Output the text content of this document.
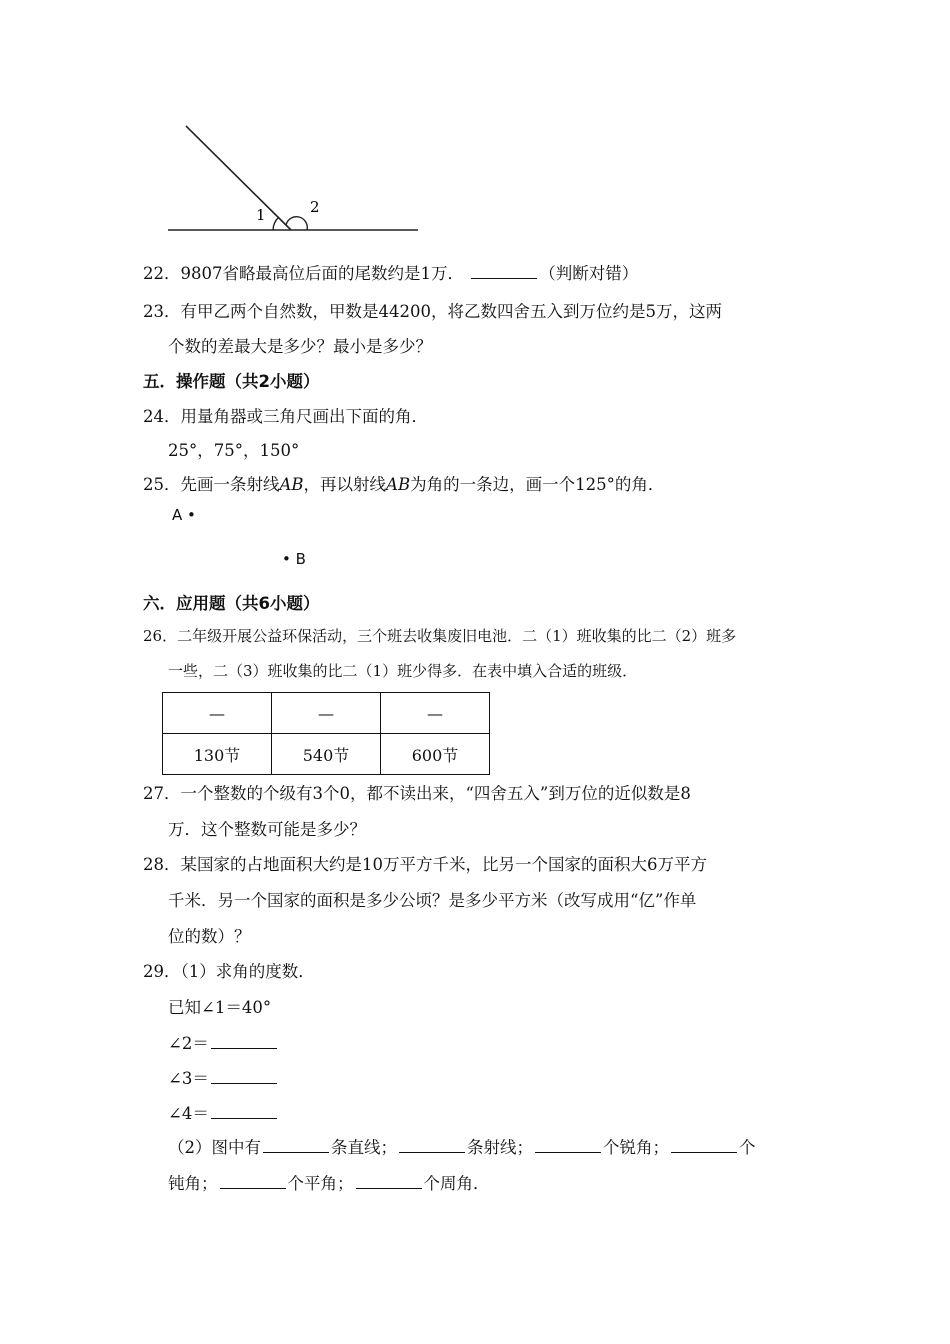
1	2
22．9807省略最高位后面的尾数约是1万．	（判断对错）
23．有甲乙两个自然数，甲数是44200，将乙数四舍五入到万位约是5万，这两
个数的差最大是多少？最小是多少？
五．操作题（共2小题）
24．用量角器或三角尺画出下面的角．
25°，75°，150°
25．先画一条射线AB，再以射线AB为角的一条边，画一个125°的角．
A •
• B
六．应用题（共6小题）
26．二年级开展公益环保活动，三个班去收集废旧电池．二（1）班收集的比二（2）班多
一些，二（3）班收集的比二（1）班少得多．在表中填入合适的班级．
—	—	—
130节	540节	600节
27．一个整数的个级有3个0，都不读出来，“四舍五入”到万位的近似数是8
万．这个整数可能是多少？
28．某国家的占地面积大约是10万平方千米，比另一个国家的面积大6万平方
千米．另一个国家的面积是多少公顷？是多少平方米（改写成用“亿”作单
位的数）？
29．（1）求角的度数．
已知∠1＝40°
∠2＝
∠3＝
∠4＝
（2）图中有	条直线；	条射线；	个锐角；	个
钝角；	个平角；	个周角．
